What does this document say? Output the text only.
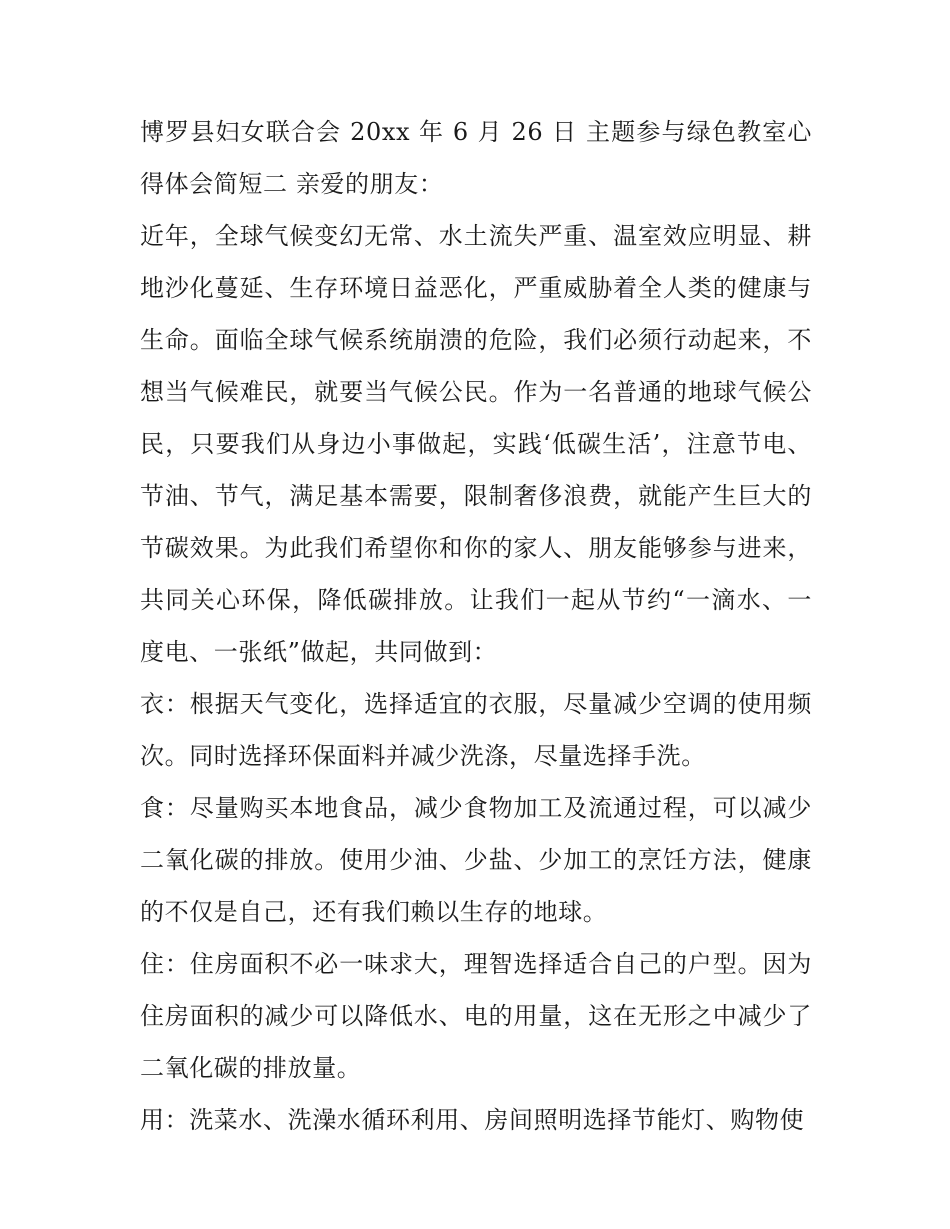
博罗县妇女联合会 20xx 年 6 月 26 日 主题参与绿色教室心得体会简短二 亲爱的朋友：

近年，全球气候变幻无常、水土流失严重、温室效应明显、耕地沙化蔓延、生存环境日益恶化，严重威胁着全人类的健康与生命。面临全球气候系统崩溃的危险，我们必须行动起来，不想当气候难民，就要当气候公民。作为一名普通的地球气候公民，只要我们从身边小事做起，实践‘低碳生活’，注意节电、节油、节气，满足基本需要，限制奢侈浪费，就能产生巨大的节碳效果。为此我们希望你和你的家人、朋友能够参与进来，共同关心环保，降低碳排放。让我们一起从节约“一滴水、一度电、一张纸”做起，共同做到：

衣：根据天气变化，选择适宜的衣服，尽量减少空调的使用频次。同时选择环保面料并减少洗涤，尽量选择手洗。

食：尽量购买本地食品，减少食物加工及流通过程，可以减少二氧化碳的排放。使用少油、少盐、少加工的烹饪方法，健康的不仅是自己，还有我们赖以生存的地球。

住：住房面积不必一味求大，理智选择适合自己的户型。因为住房面积的减少可以降低水、电的用量，这在无形之中减少了二氧化碳的排放量。

用：洗菜水、洗澡水循环利用、房间照明选择节能灯、购物使
